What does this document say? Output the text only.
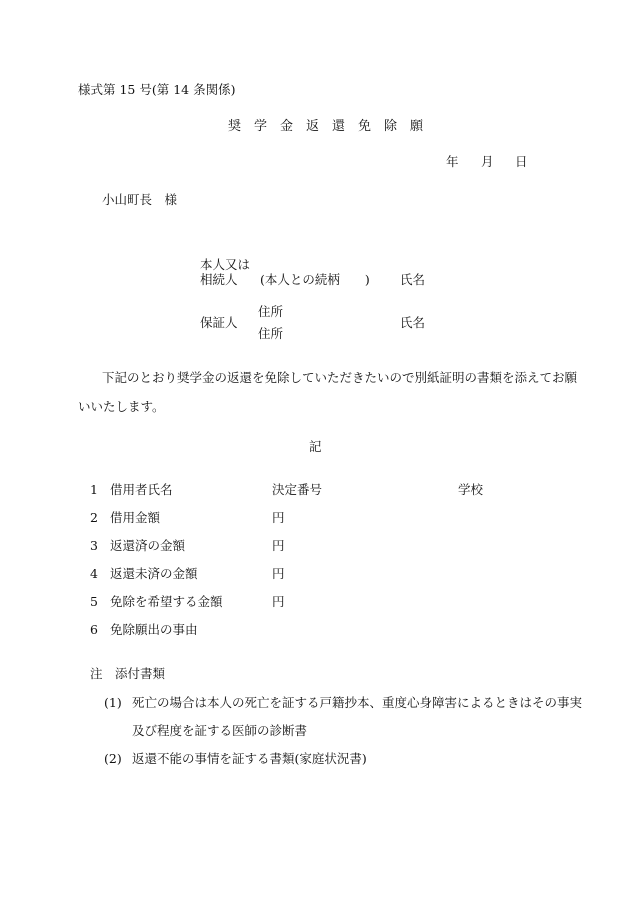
様式第 15 号(第 14 条関係)
奨　学　金　返　還　免　除　願
年 月 日
小山町長　様
本人又は
相続人 (本人との続柄　　) 氏名
住所
保証人	氏名
住所
下記のとおり奨学金の返還を免除していただきたいので別紙証明の書類を添えてお願
いいたします。
記
1 借用者氏名	決定番号	学校
2 借用金額	円
3 返還済の金額	円
4 返還未済の金額	円
5 免除を希望する金額	円
6 免除願出の事由
注　添付書類
(1) 死亡の場合は本人の死亡を証する戸籍抄本、重度心身障害によるときはその事実
及び程度を証する医師の診断書
(2) 返還不能の事情を証する書類(家庭状況書)
